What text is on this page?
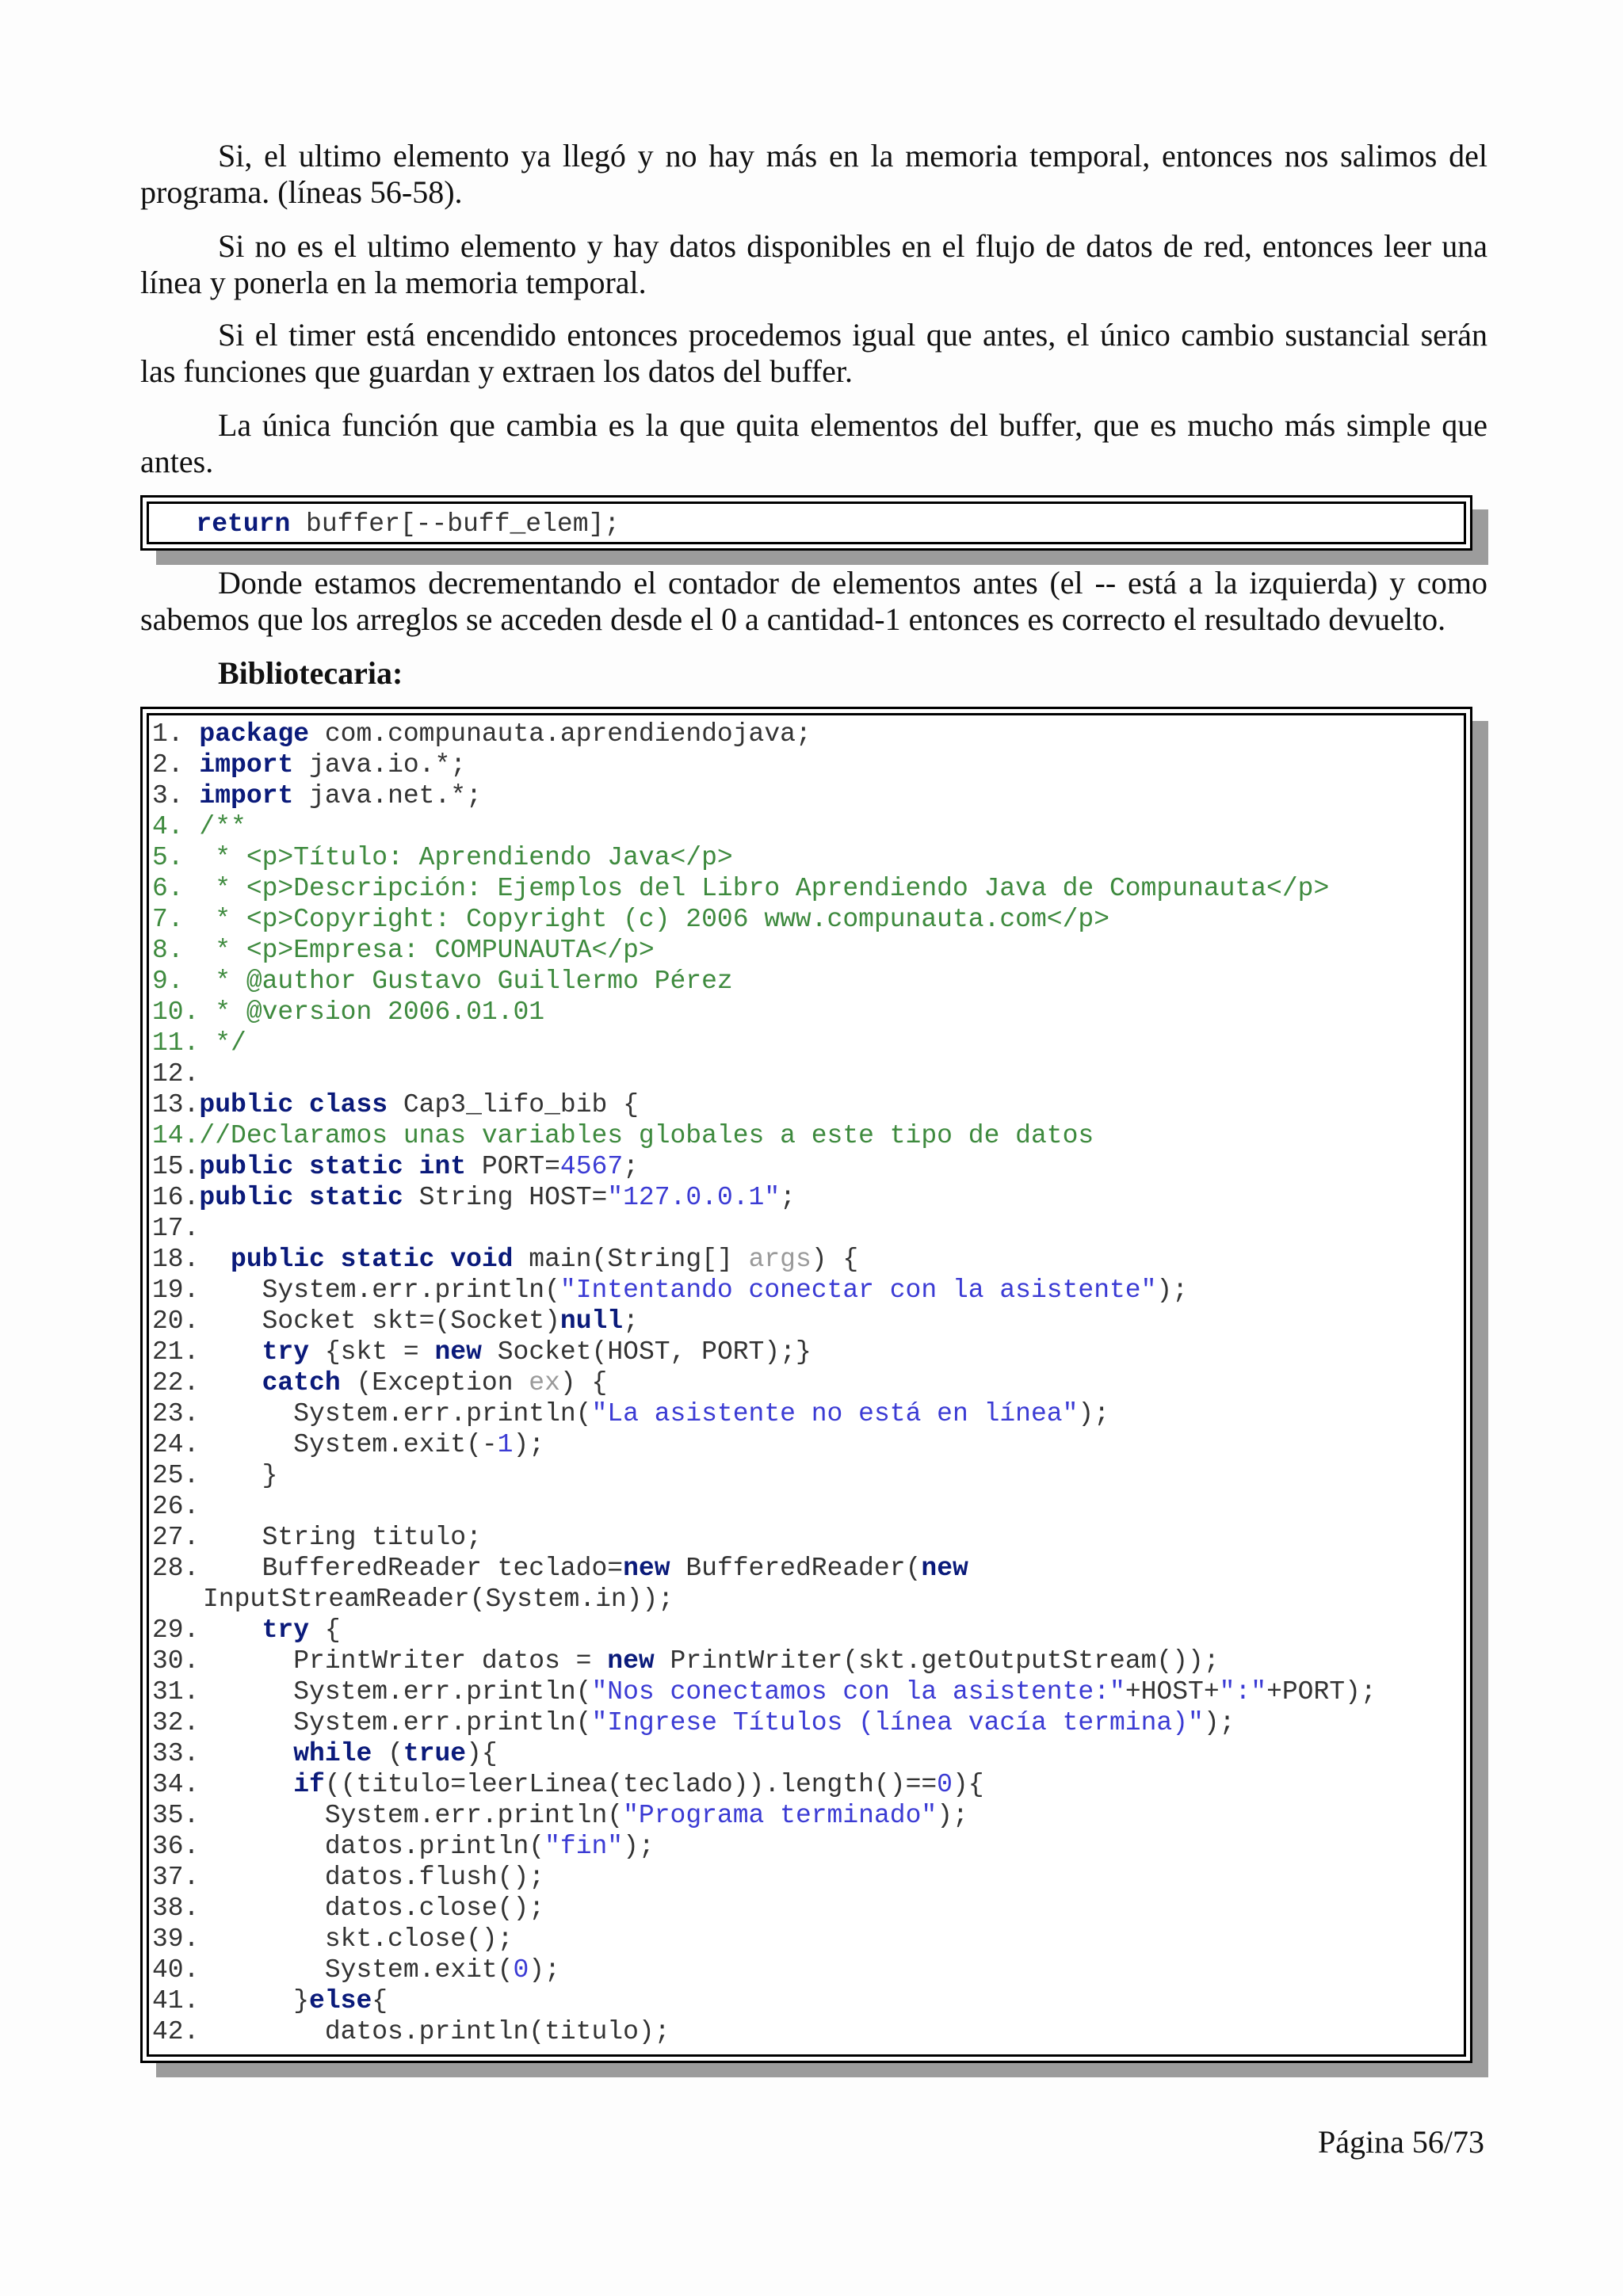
Si, el ultimo elemento ya llegó y no hay más en la memoria temporal, entonces nos salimos del programa. (líneas 56-58).

Si no es el ultimo elemento y hay datos disponibles en el flujo de datos de red, entonces leer una línea y ponerla en la memoria temporal.

Si el timer está encendido entonces procedemos igual que antes, el único cambio sustancial serán las funciones que guardan y extraen los datos del buffer.

La única función que cambia es la que quita elementos del buffer, que es mucho más simple que antes.

return buffer[--buff_elem];

Donde estamos decrementando el contador de elementos antes (el -- está a la izquierda) y como sabemos que los arreglos se acceden desde el 0 a cantidad-1 entonces es correcto el resultado devuelto.

Bibliotecaria:

1. package com.compunauta.aprendiendojava;
2. import java.io.*;
3. import java.net.*;
4. /**
5.  * <p>Título: Aprendiendo Java</p>
6.  * <p>Descripción: Ejemplos del Libro Aprendiendo Java de Compunauta</p>
7.  * <p>Copyright: Copyright (c) 2006 www.compunauta.com</p>
8.  * <p>Empresa: COMPUNAUTA</p>
9.  * @author Gustavo Guillermo Pérez
10. * @version 2006.01.01
11. */
12.
13.public class Cap3_lifo_bib {
14.//Declaramos unas variables globales a este tipo de datos
15.public static int PORT=4567;
16.public static String HOST="127.0.0.1";
17.
18.  public static void main(String[] args) {
19.    System.err.println("Intentando conectar con la asistente");
20.    Socket skt=(Socket)null;
21.    try {skt = new Socket(HOST, PORT);}
22.    catch (Exception ex) {
23.      System.err.println("La asistente no está en línea");
24.      System.exit(-1);
25.    }
26.
27.    String titulo;
28.    BufferedReader teclado=new BufferedReader(new
InputStreamReader(System.in));
29.    try {
30.      PrintWriter datos = new PrintWriter(skt.getOutputStream());
31.      System.err.println("Nos conectamos con la asistente:"+HOST+":"+PORT);
32.      System.err.println("Ingrese Títulos (línea vacía termina)");
33.      while (true){
34.      if((titulo=leerLinea(teclado)).length()==0){
35.        System.err.println("Programa terminado");
36.        datos.println("fin");
37.        datos.flush();
38.        datos.close();
39.        skt.close();
40.        System.exit(0);
41.      }else{
42.        datos.println(titulo);
Página 56/73
